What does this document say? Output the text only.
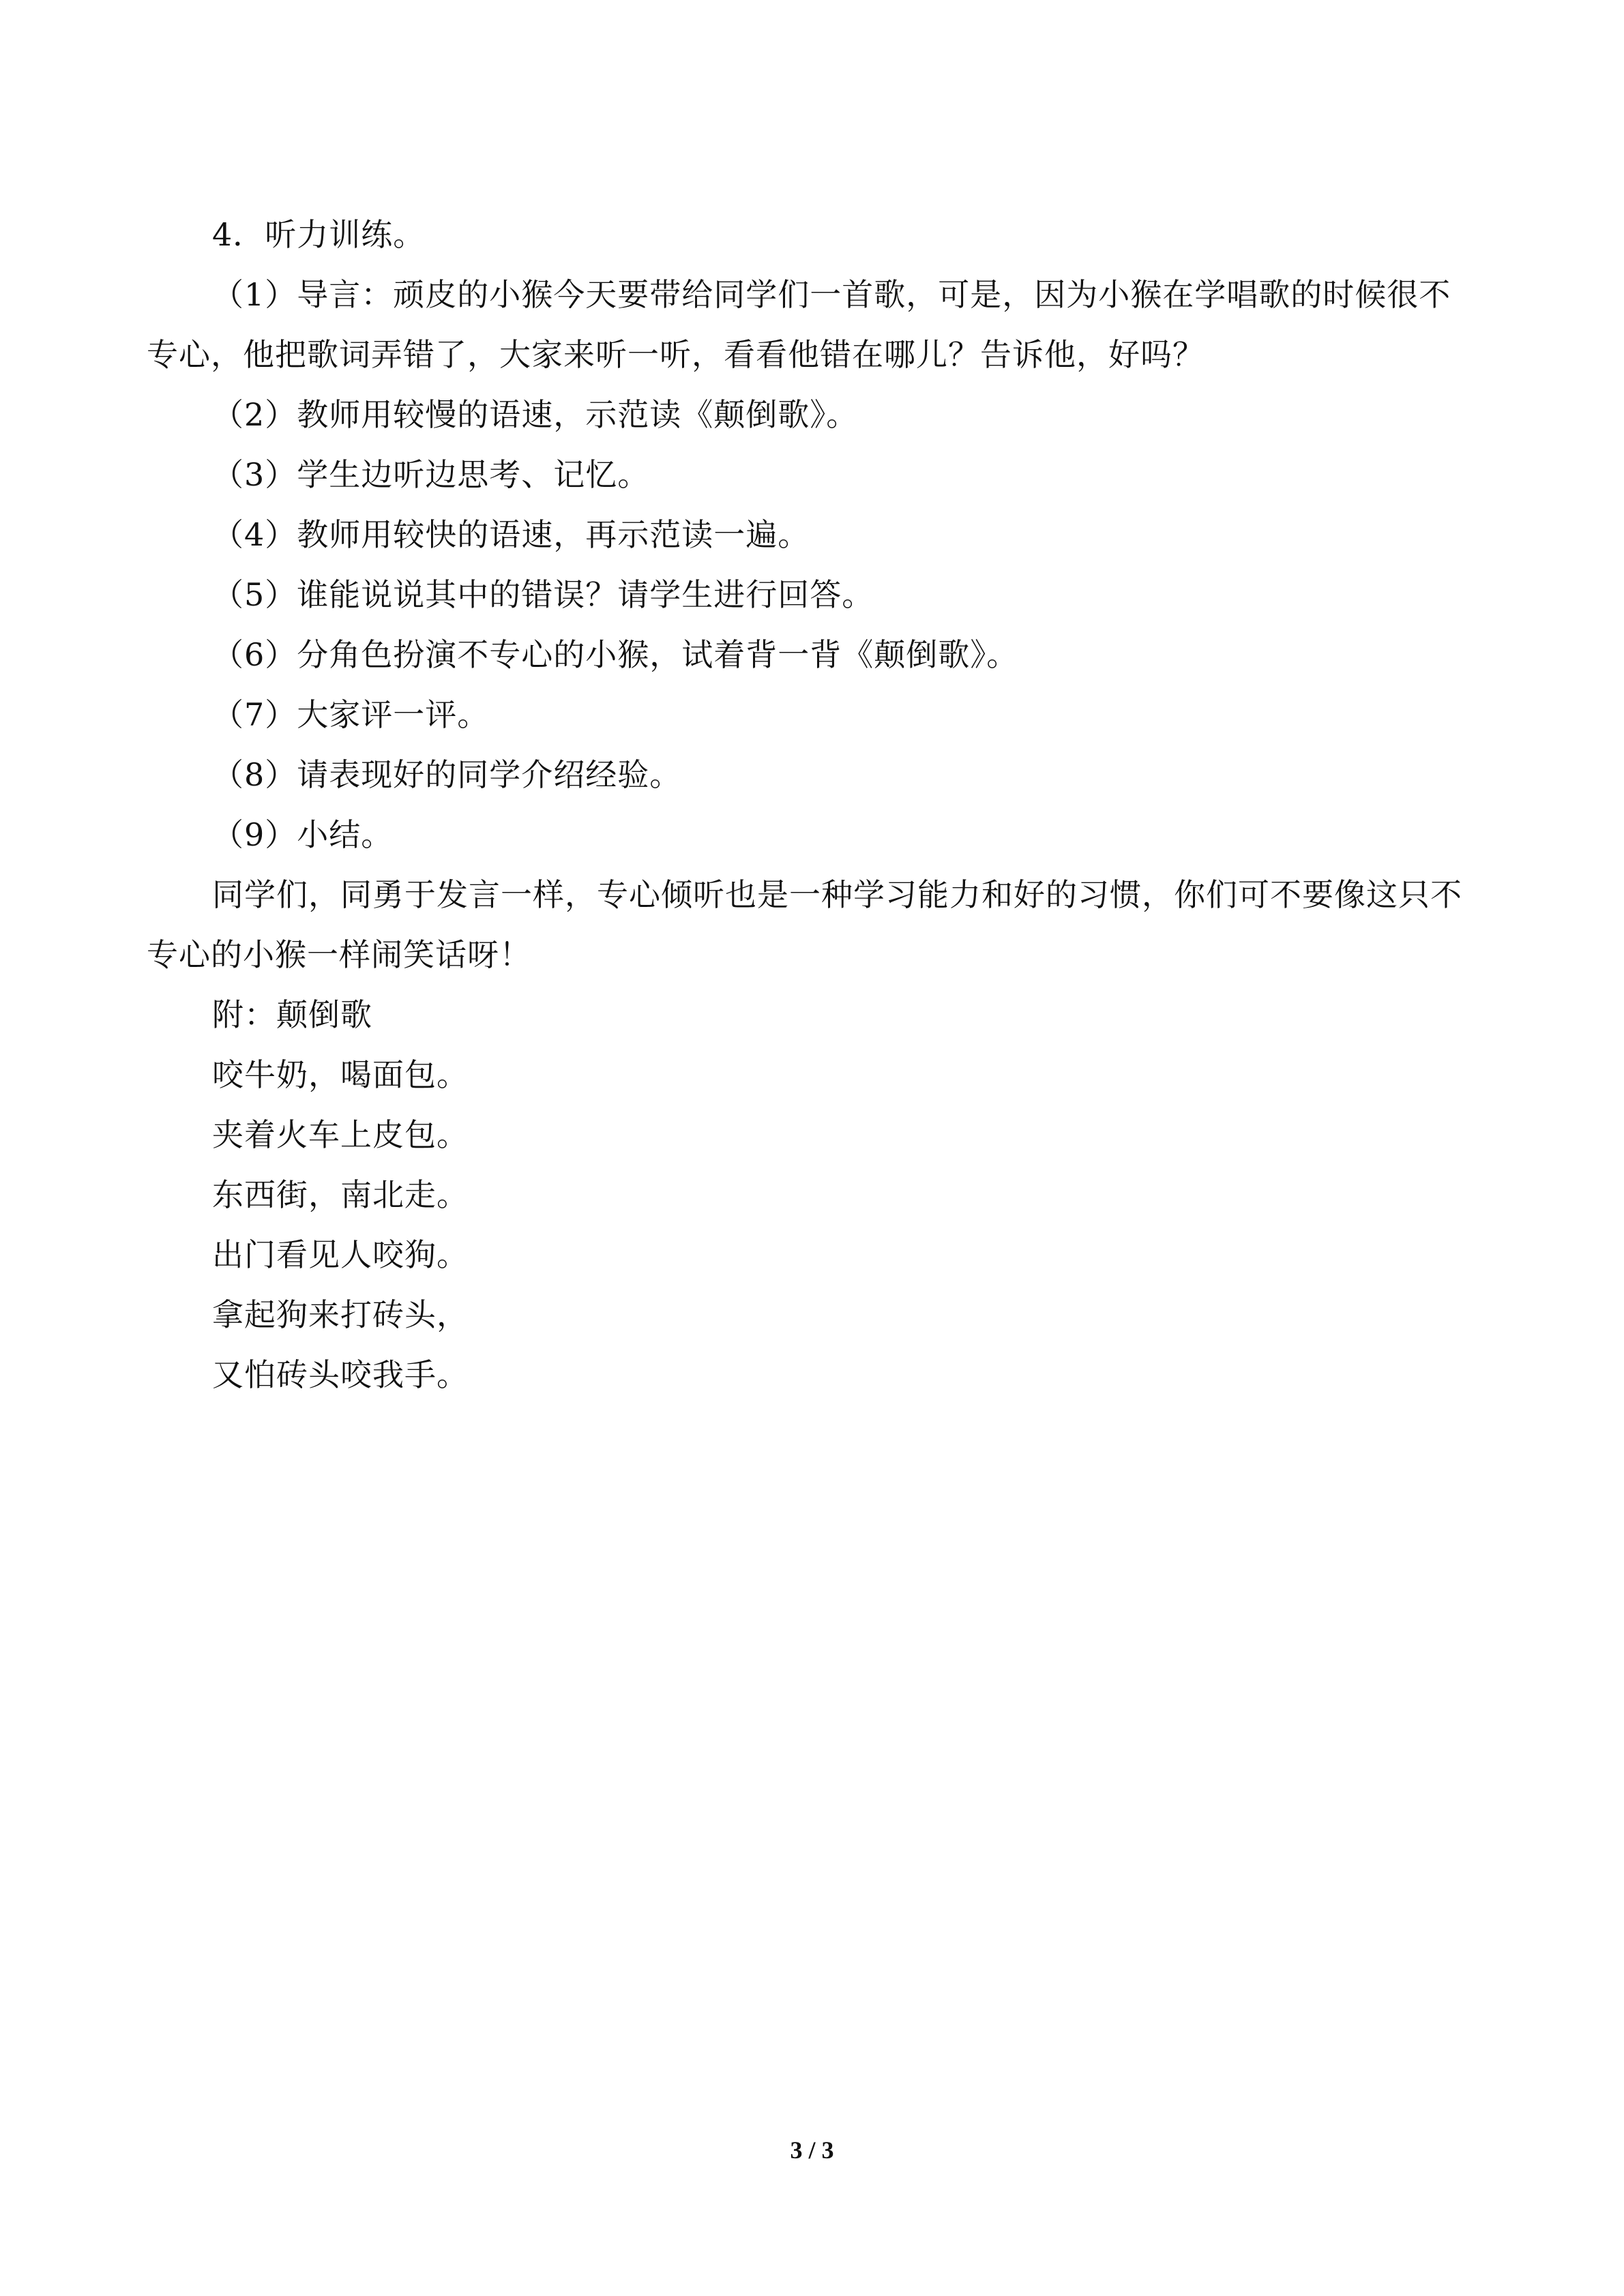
4．听力训练。

（1）导言：顽皮的小猴今天要带给同学们一首歌，可是，因为小猴在学唱歌的时候很不专心，他把歌词弄错了，大家来听一听，看看他错在哪儿？告诉他，好吗？

（2）教师用较慢的语速，示范读《颠倒歌》。

（3）学生边听边思考、记忆。

（4）教师用较快的语速，再示范读一遍。

（5）谁能说说其中的错误？请学生进行回答。

（6）分角色扮演不专心的小猴，试着背一背《颠倒歌》。

（7）大家评一评。

（8）请表现好的同学介绍经验。

（9）小结。

同学们，同勇于发言一样，专心倾听也是一种学习能力和好的习惯，你们可不要像这只不专心的小猴一样闹笑话呀！

附：颠倒歌

咬牛奶，喝面包。

夹着火车上皮包。

东西街，南北走。

出门看见人咬狗。

拿起狗来打砖头，

又怕砖头咬我手。

3 / 3
